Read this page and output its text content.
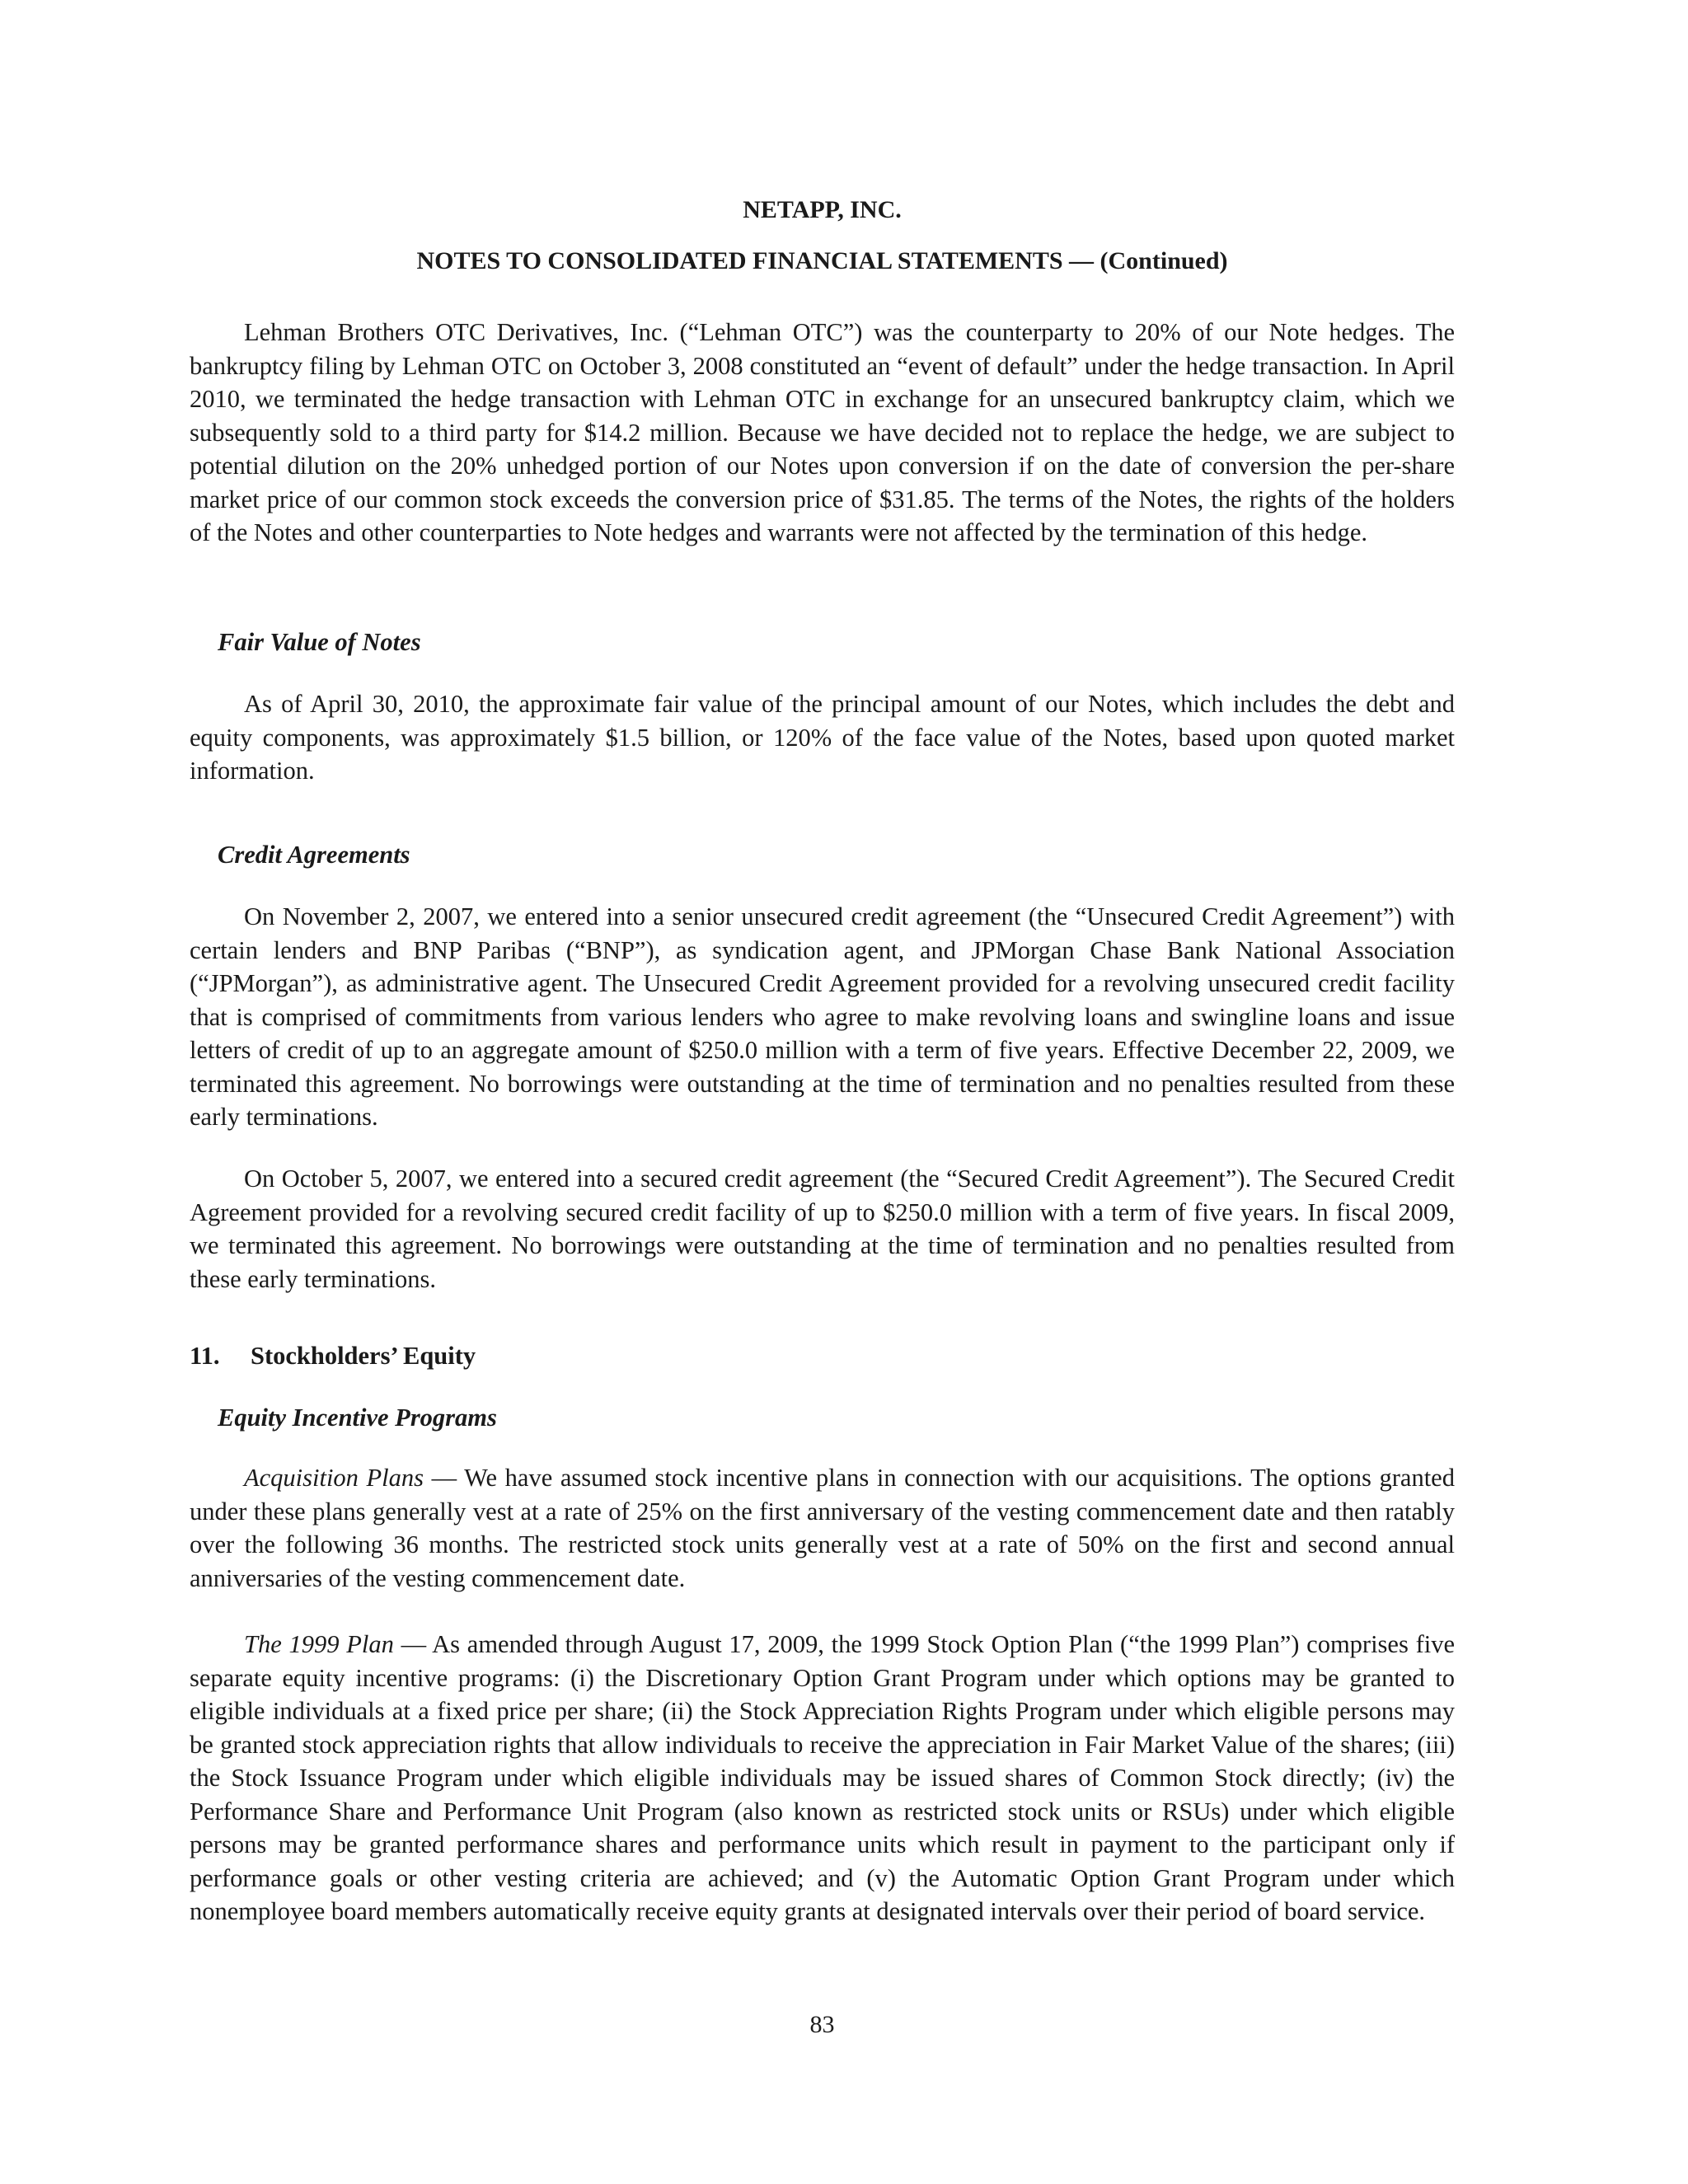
NETAPP, INC.
NOTES TO CONSOLIDATED FINANCIAL STATEMENTS — (Continued)

Lehman Brothers OTC Derivatives, Inc. (“Lehman OTC”) was the counterparty to 20% of our Note hedges. The bankruptcy filing by Lehman OTC on October 3, 2008 constituted an “event of default” under the hedge transaction. In April 2010, we terminated the hedge transaction with Lehman OTC in exchange for an unsecured bankruptcy claim, which we subsequently sold to a third party for $14.2 million. Because we have decided not to replace the hedge, we are subject to potential dilution on the 20% unhedged portion of our Notes upon conversion if on the date of conversion the per-share market price of our common stock exceeds the conversion price of $31.85. The terms of the Notes, the rights of the holders of the Notes and other counterparties to Note hedges and warrants were not affected by the termination of this hedge.

Fair Value of Notes

As of April 30, 2010, the approximate fair value of the principal amount of our Notes, which includes the debt and equity components, was approximately $1.5 billion, or 120% of the face value of the Notes, based upon quoted market information.

Credit Agreements

On November 2, 2007, we entered into a senior unsecured credit agreement (the “Unsecured Credit Agreement”) with certain lenders and BNP Paribas (“BNP”), as syndication agent, and JPMorgan Chase Bank National Association (“JPMorgan”), as administrative agent. The Unsecured Credit Agreement provided for a revolving unsecured credit facility that is comprised of commitments from various lenders who agree to make revolving loans and swingline loans and issue letters of credit of up to an aggregate amount of $250.0 million with a term of five years. Effective December 22, 2009, we terminated this agreement. No borrowings were outstanding at the time of termination and no penalties resulted from these early terminations.

On October 5, 2007, we entered into a secured credit agreement (the “Secured Credit Agreement”). The Secured Credit Agreement provided for a revolving secured credit facility of up to $250.0 million with a term of five years. In fiscal 2009, we terminated this agreement. No borrowings were outstanding at the time of termination and no penalties resulted from these early terminations.

11. Stockholders’ Equity

Equity Incentive Programs

Acquisition Plans — We have assumed stock incentive plans in connection with our acquisitions. The options granted under these plans generally vest at a rate of 25% on the first anniversary of the vesting commencement date and then ratably over the following 36 months. The restricted stock units generally vest at a rate of 50% on the first and second annual anniversaries of the vesting commencement date.

The 1999 Plan — As amended through August 17, 2009, the 1999 Stock Option Plan (“the 1999 Plan”) comprises five separate equity incentive programs: (i) the Discretionary Option Grant Program under which options may be granted to eligible individuals at a fixed price per share; (ii) the Stock Appreciation Rights Program under which eligible persons may be granted stock appreciation rights that allow individuals to receive the appreciation in Fair Market Value of the shares; (iii) the Stock Issuance Program under which eligible individuals may be issued shares of Common Stock directly; (iv) the Performance Share and Performance Unit Program (also known as restricted stock units or RSUs) under which eligible persons may be granted performance shares and performance units which result in payment to the participant only if performance goals or other vesting criteria are achieved; and (v) the Automatic Option Grant Program under which nonemployee board members automatically receive equity grants at designated intervals over their period of board service.

83
